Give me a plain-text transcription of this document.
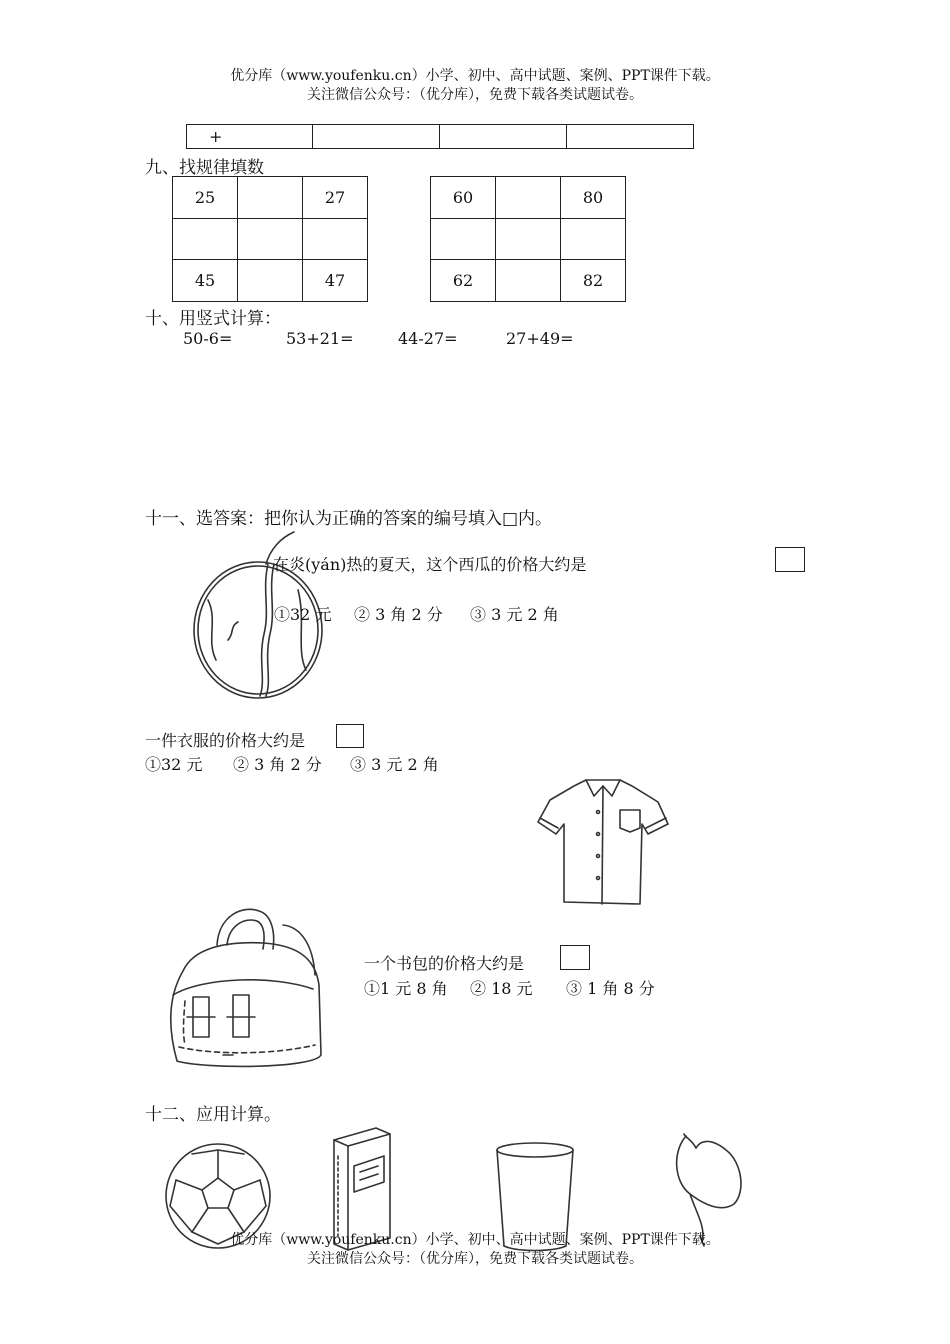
优分库（www.youfenku.cn）小学、初中、高中试题、案例、PPT课件下载。
关注微信公众号：（优分库），免费下载各类试题试卷。
+			
九、找规律填数
25		27

45		47
60		80

62		82
十、用竖式计算：
50-6=	53+21=	44-27=	27+49=
十一、选答案：把你认为正确的答案的编号填入□内。
在炎(yán)热的夏天，这个西瓜的价格大约是
①32 元 ② 3 角 2 分 ③ 3 元 2 角
一件衣服的价格大约是
①32 元 ② 3 角 2 分 ③ 3 元 2 角
一个书包的价格大约是
①1 元 8 角 ② 18 元 ③ 1 角 8 分
十二、应用计算。
优分库（www.youfenku.cn）小学、初中、高中试题、案例、PPT课件下载。
关注微信公众号：（优分库），免费下载各类试题试卷。
